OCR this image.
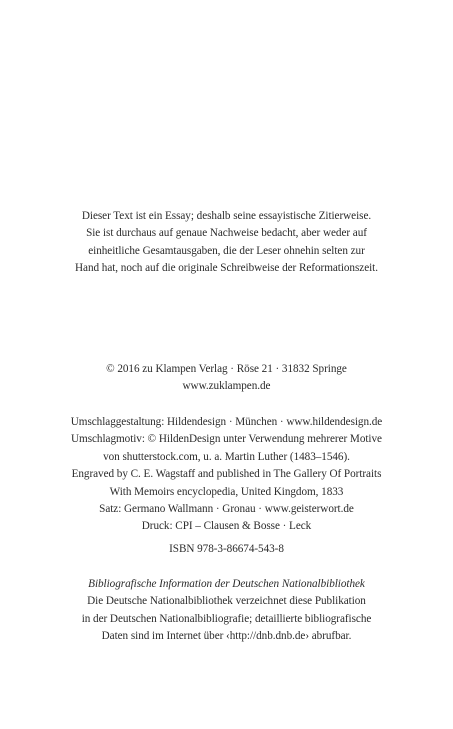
Dieser Text ist ein Essay; deshalb seine essayistische Zitierweise.
Sie ist durchaus auf genaue Nachweise bedacht, aber weder auf
einheitliche Gesamtausgaben, die der Leser ohnehin selten zur
Hand hat, noch auf die originale Schreibweise der Reformationszeit.
© 2016 zu Klampen Verlag · Röse 21 · 31832 Springe
www.zuklampen.de
Umschlaggestaltung: Hildendesign · München · www.hildendesign.de
Umschlagmotiv: © HildenDesign unter Verwendung mehrerer Motive
von shutterstock.com, u. a. Martin Luther (1483–1546).
Engraved by C. E. Wagstaff and published in The Gallery Of Portraits
With Memoirs encyclopedia, United Kingdom, 1833
Satz: Germano Wallmann · Gronau · www.geisterwort.de
Druck: CPI – Clausen & Bosse · Leck
ISBN 978-3-86674-543-8
Bibliografische Information der Deutschen Nationalbibliothek
Die Deutsche Nationalbibliothek verzeichnet diese Publikation
in der Deutschen Nationalbibliografie; detaillierte bibliografische
Daten sind im Internet über ‹http://dnb.dnb.de› abrufbar.
